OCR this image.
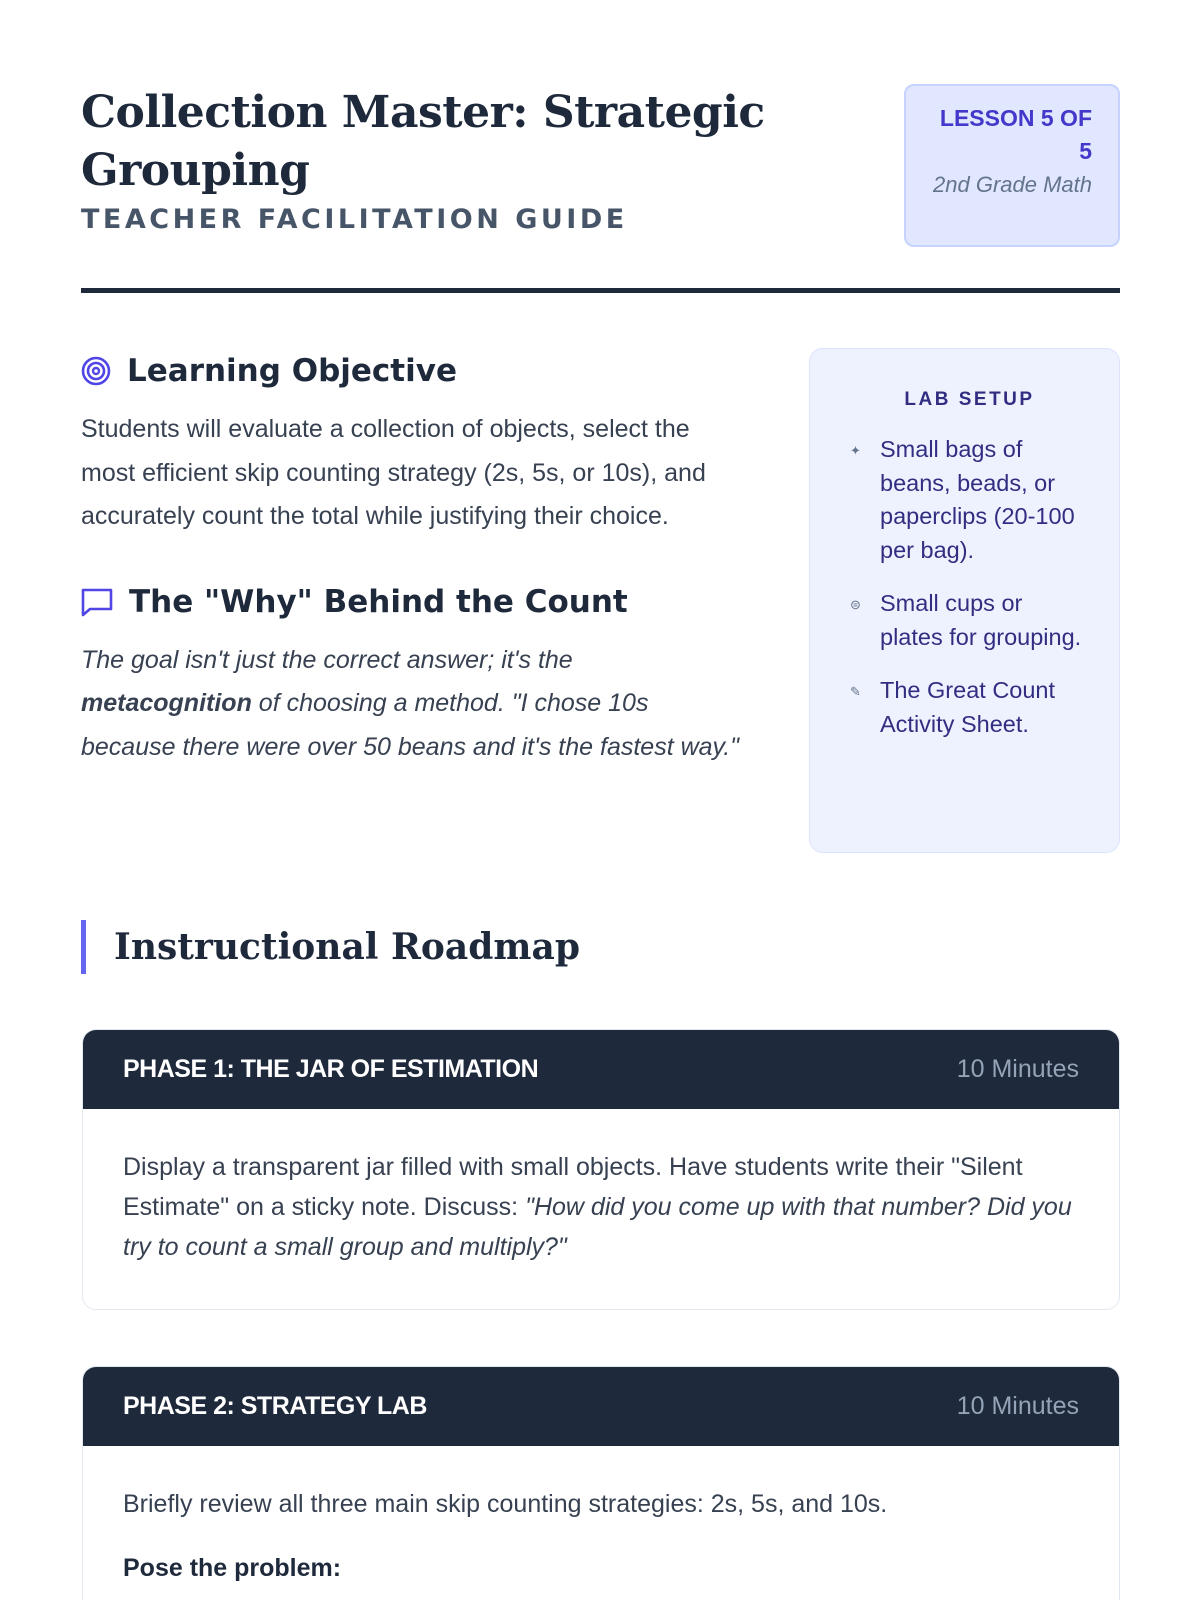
Collection Master: Strategic Grouping
TEACHER FACILITATION GUIDE
LESSON 5 OF 5
2nd Grade Math
Learning Objective

Students will evaluate a collection of objects, select the most efficient skip counting strategy (2s, 5s, or 10s), and accurately count the total while justifying their choice.

The "Why" Behind the Count

The goal isn't just the correct answer; it's the metacognition of choosing a method. "I chose 10s because there were over 50 beans and it's the fastest way."

LAB SETUP
✦ Small bags of beans, beads, or paperclips (20-100 per bag).
⊜ Small cups or plates for grouping.
✎ The Great Count Activity Sheet.
Instructional Roadmap
PHASE 1: THE JAR OF ESTIMATION	10 Minutes
Display a transparent jar filled with small objects. Have students write their "Silent Estimate" on a sticky note. Discuss: "How did you come up with that number? Did you try to count a small group and multiply?"
PHASE 2: STRATEGY LAB	10 Minutes
Briefly review all three main skip counting strategies: 2s, 5s, and 10s.
Pose the problem:
